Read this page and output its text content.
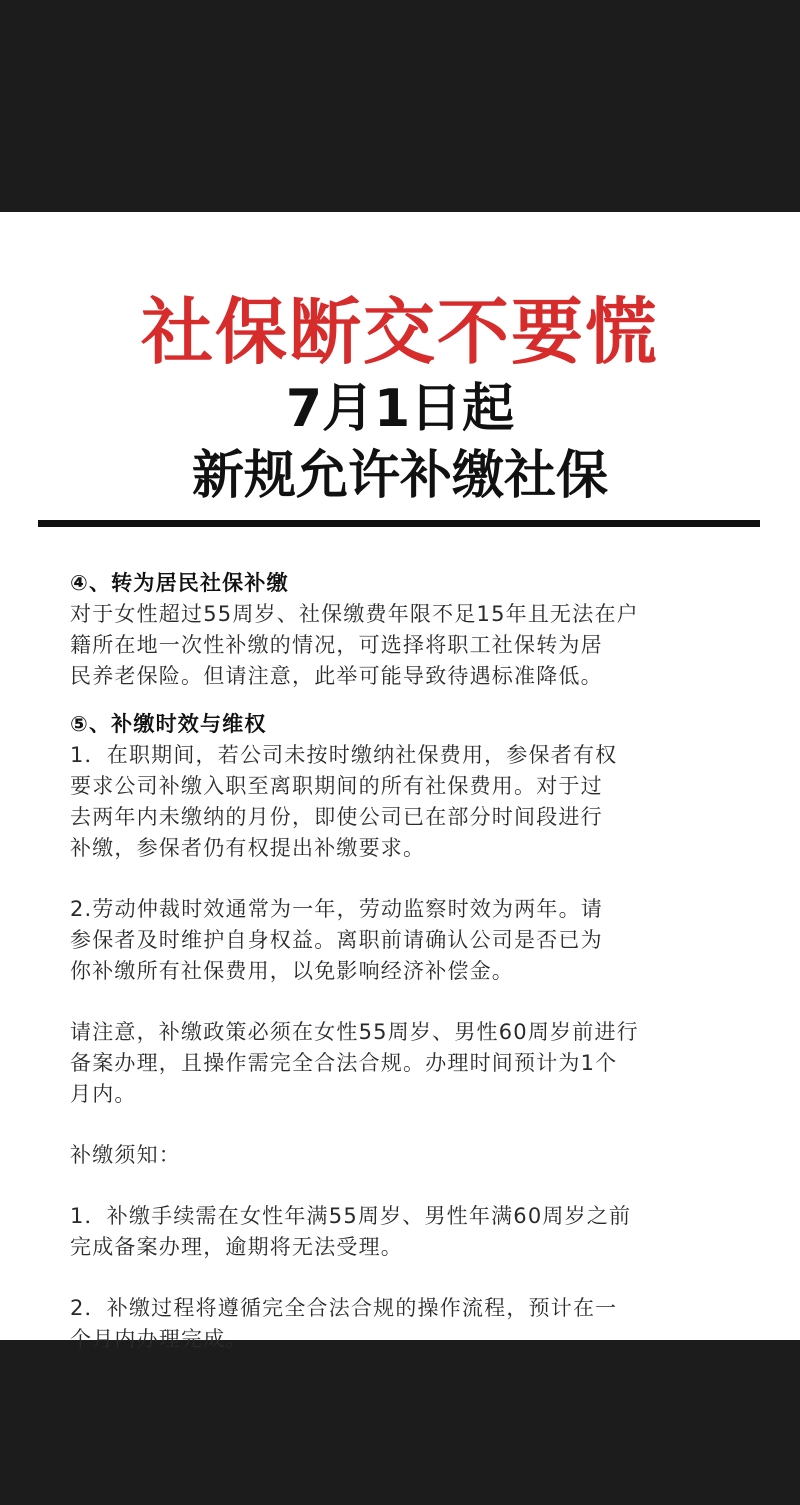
社保断交不要慌
7月1日起
新规允许补缴社保

④、转为居民社保补缴

对于女性超过55周岁、社保缴费年限不足15年且无法在户

籍所在地一次性补缴的情况，可选择将职工社保转为居

民养老保险。但请注意，此举可能导致待遇标准降低。

⑤、补缴时效与维权

1．在职期间，若公司未按时缴纳社保费用，参保者有权

要求公司补缴入职至离职期间的所有社保费用。对于过

去两年内未缴纳的月份，即使公司已在部分时间段进行

补缴，参保者仍有权提出补缴要求。

2.劳动仲裁时效通常为一年，劳动监察时效为两年。请

参保者及时维护自身权益。离职前请确认公司是否已为

你补缴所有社保费用，以免影响经济补偿金。

请注意，补缴政策必须在女性55周岁、男性60周岁前进行

备案办理，且操作需完全合法合规。办理时间预计为1个

月内。

补缴须知：

1．补缴手续需在女性年满55周岁、男性年满60周岁之前

完成备案办理，逾期将无法受理。

2．补缴过程将遵循完全合法合规的操作流程，预计在一

个月内办理完成。
